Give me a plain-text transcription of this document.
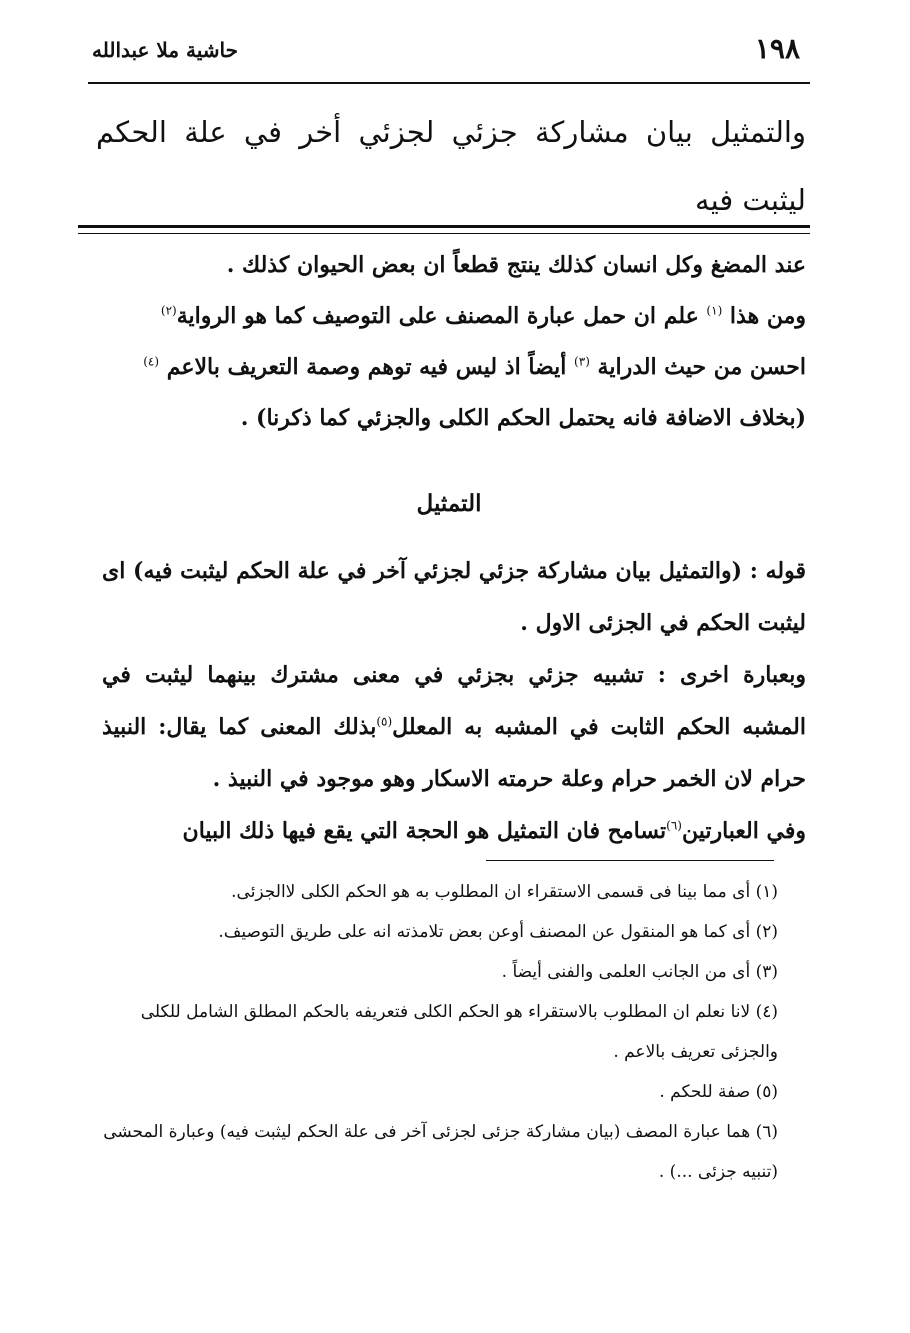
١٩٨
حاشية ملا عبدالله
والتمثيل بيان مشاركة جزئي لجزئي أخر في علة الحكم ليثبت فيه

عند المضغ وكل انسان كذلك ينتج قطعاً ان بعض الحيوان كذلك .

ومن هذا $^{(١)}$ علم ان حمل عبارة المصنف على التوصيف كما هو الرواية$^{(٢)}$ احسن من حيث الدراية $^{(٣)}$ أيضاً اذ ليس فيه توهم وصمة التعريف بالاعم $^{(٤)}$ (بخلاف الاضافة فانه يحتمل الحكم الكلى والجزئي كما ذكرنا) .

التمثيل

قوله : (والتمثيل بيان مشاركة جزئي لجزئي آخر في علة الحكم ليثبت فيه) اى ليثبت الحكم في الجزئى الاول .

وبعبارة اخرى : تشبيه جزئي بجزئي في معنى مشترك بينهما ليثبت في المشبه الحكم الثابت في المشبه به المعلل$^{(٥)}$بذلك المعنى كما يقال: النبيذ حرام لان الخمر حرام وعلة حرمته الاسكار وهو موجود في النبيذ .

وفي العبارتين$^{(٦)}$تسامح فان التمثيل هو الحجة التي يقع فيها ذلك البيان

(١) أى مما بينا فى قسمى الاستقراء ان المطلوب به هو الحكم الكلى لاالجزئى.

(٢) أى كما هو المنقول عن المصنف أوعن بعض تلامذته انه على طريق التوصيف.

(٣) أى من الجانب العلمى والفنى أيضاً .

(٤) لانا نعلم ان المطلوب بالاستقراء هو الحكم الكلى فتعريفه بالحكم المطلق الشامل للكلى والجزئى تعريف بالاعم .

(٥) صفة للحكم .

(٦) هما عبارة المصف (بيان مشاركة جزئى لجزئى آخر فى علة الحكم ليثبت فيه) وعبارة المحشى (تنبيه جزئى ...) .
